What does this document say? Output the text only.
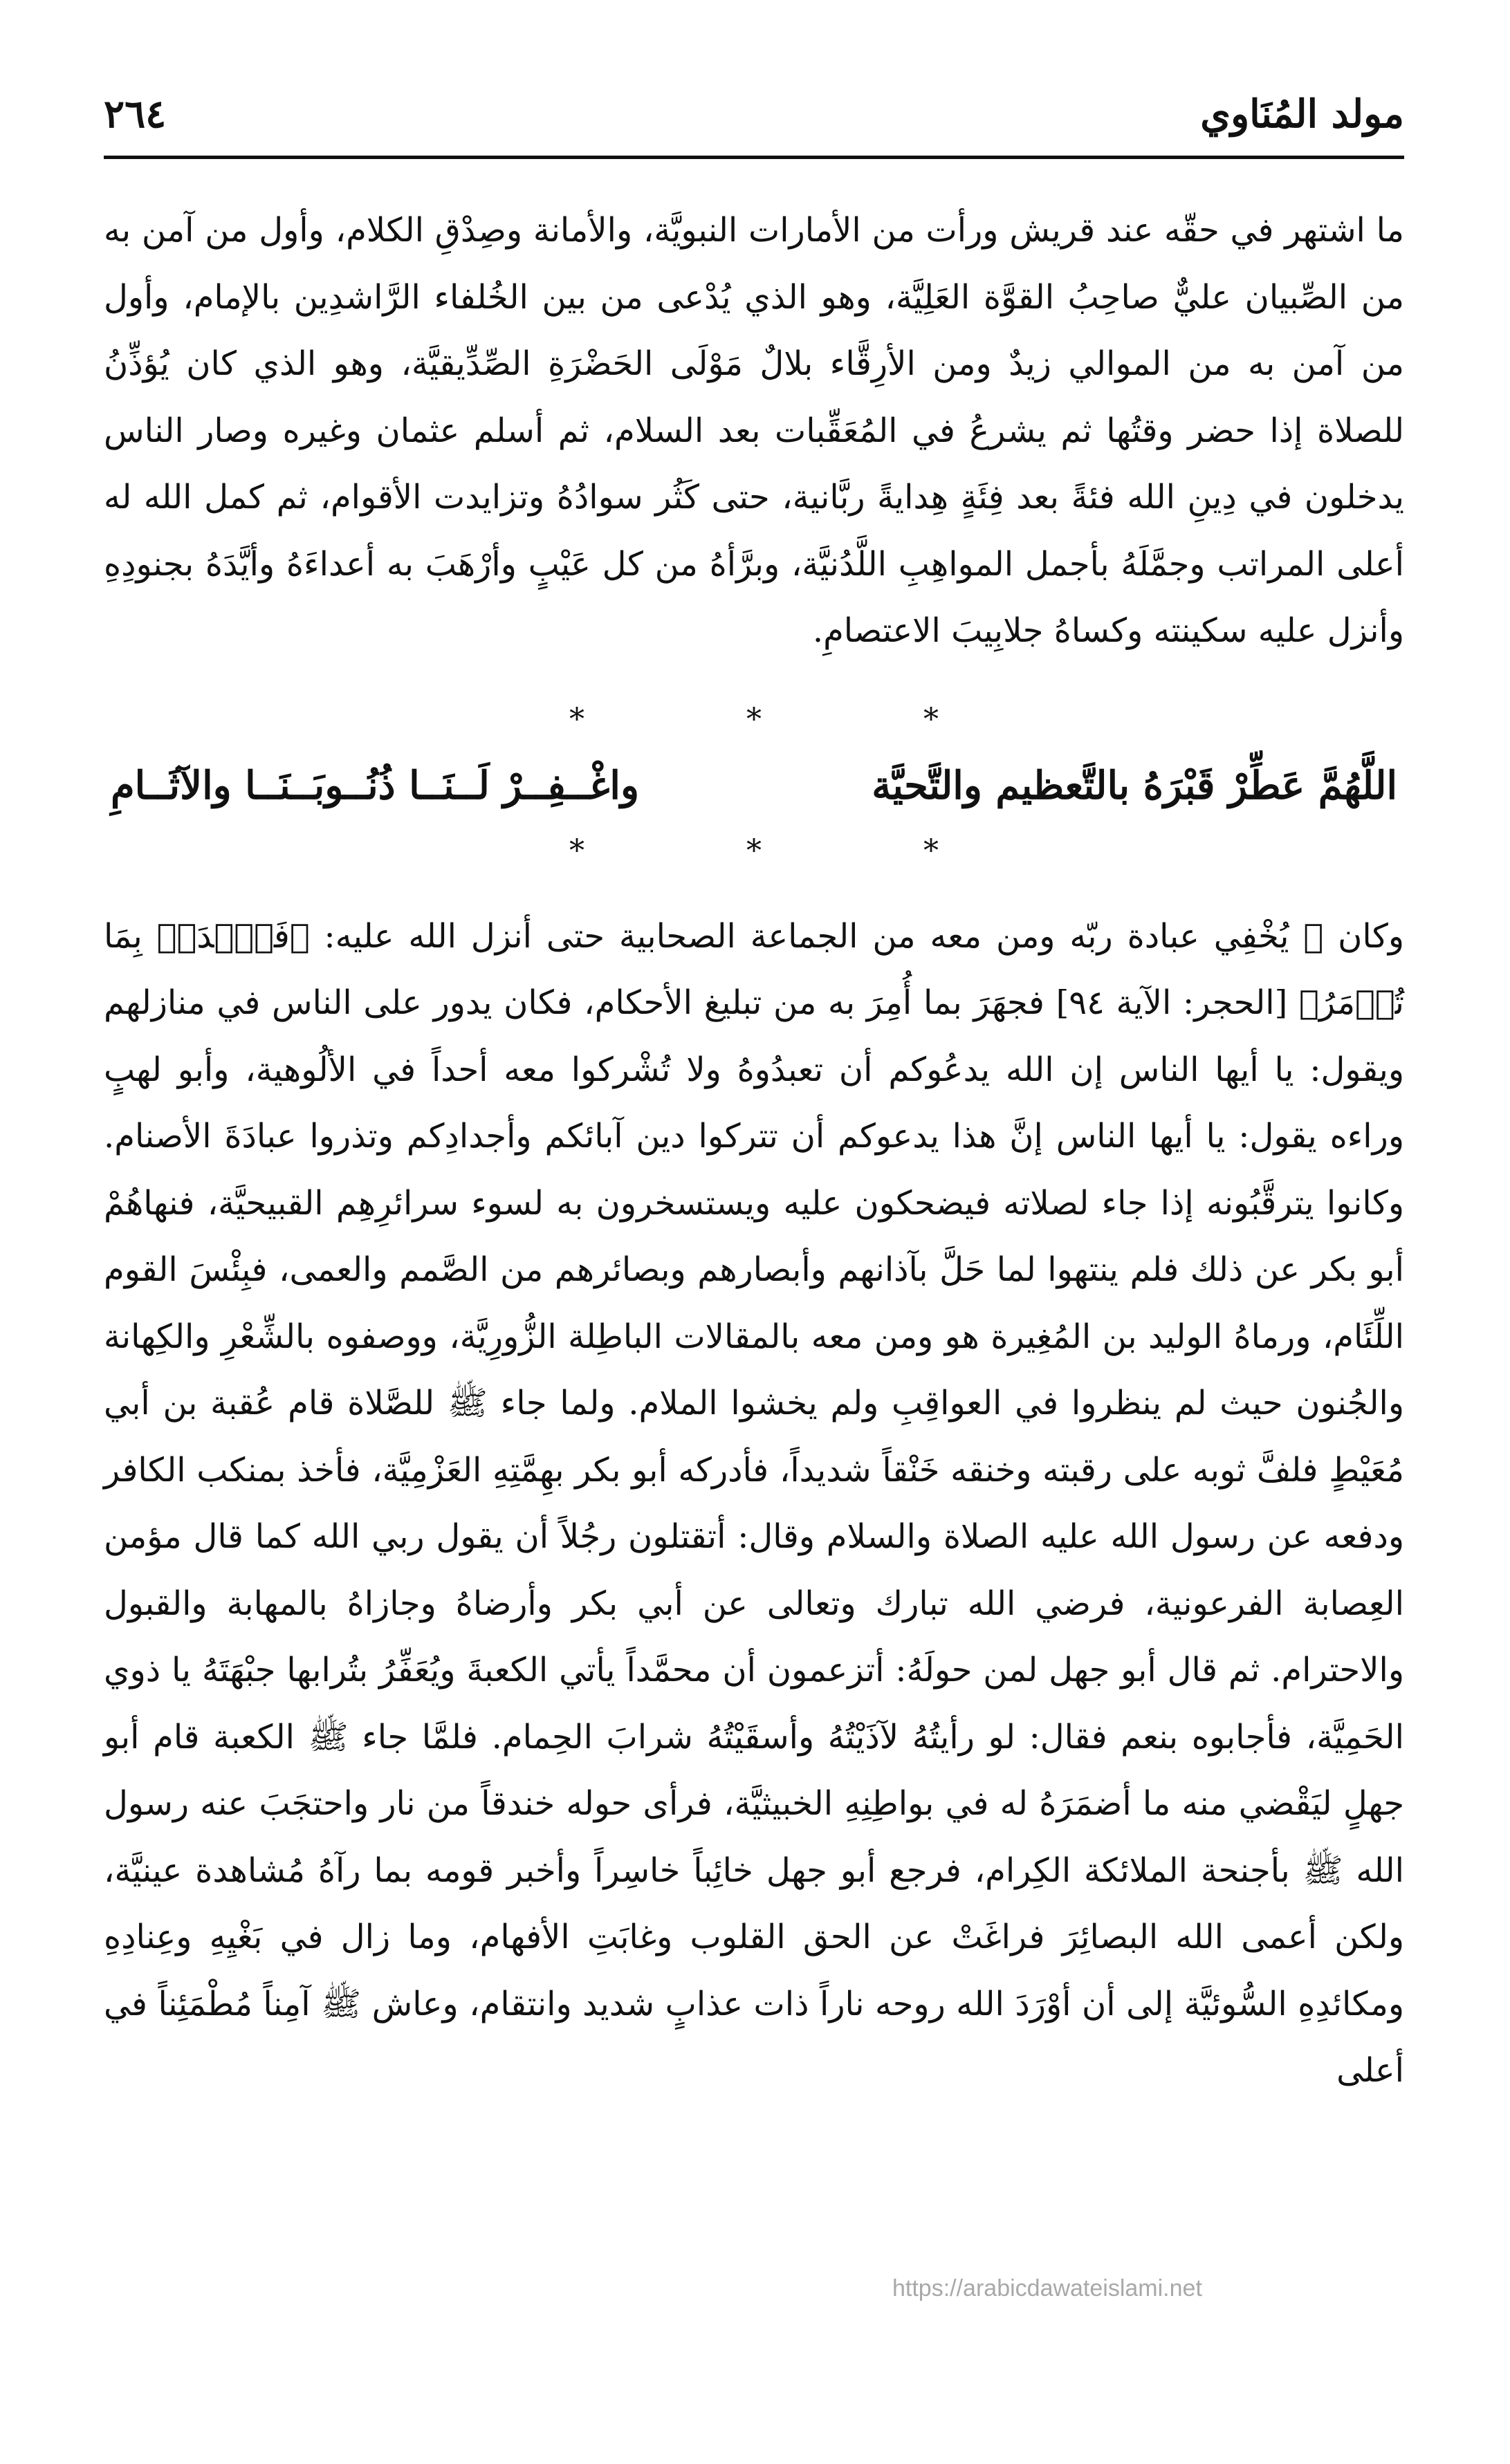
مولد المُنَاوي
٢٦٤

ما اشتهر في حقّه عند قريش ورأت من الأمارات النبويَّة، والأمانة وصِدْقِ الكلام، وأول من آمن به من الصِّبيان عليٌّ صاحِبُ القوَّة العَلِيَّة، وهو الذي يُدْعى من بين الخُلفاء الرَّاشدِين بالإمام، وأول من آمن به من الموالي زيدٌ ومن الأرِقَّاء بلالٌ مَوْلَى الحَضْرَةِ الصِّدِّيقيَّة، وهو الذي كان يُؤذِّنُ للصلاة إذا حضر وقتُها ثم يشرعُ في المُعَقِّبات بعد السلام، ثم أسلم عثمان وغيره وصار الناس يدخلون في دِينِ الله فئةً بعد فِئَةٍ هِدايةً ربَّانية، حتى كَثُر سوادُهُ وتزايدت الأقوام، ثم كمل الله له أعلى المراتب وجمَّلَهُ بأجمل المواهِبِ اللَّدُنيَّة، وبرَّأهُ من كل عَيْبٍ وأرْهَبَ به أعداءَهُ وأيَّدَهُ بجنودِهِ وأنزل عليه سكينته وكساهُ جلابِيبَ الاعتصامِ.

* * *
اللَّهُمَّ عَطِّرْ قَبْرَهُ بالتَّعظيم والتَّحيَّة
واغْــفِــرْ لَــنَــا ذُنُــوبَــنَــا والآثَــامِ
* * *

وكان ﷺ يُخْفِي عبادة ربّه ومن معه من الجماعة الصحابية حتى أنزل الله عليه: ﴿فَٱصۡدَعۡ بِمَا تُؤۡمَرُ﴾ [الحجر: الآية ٩٤] فجهَرَ بما أُمِرَ به من تبليغ الأحكام، فكان يدور على الناس في منازلهم ويقول: يا أيها الناس إن الله يدعُوكم أن تعبدُوهُ ولا تُشْركوا معه أحداً في الألُوهية، وأبو لهبٍ وراءه يقول: يا أيها الناس إنَّ هذا يدعوكم أن تتركوا دين آبائكم وأجدادِكم وتذروا عبادَةَ الأصنام. وكانوا يترقَّبُونه إذا جاء لصلاته فيضحكون عليه ويستسخرون به لسوء سرائرِهِم القبيحيَّة، فنهاهُمْ أبو بكر عن ذلك فلم ينتهوا لما حَلَّ بآذانهم وأبصارهم وبصائرهم من الصَّمم والعمى، فبِئْسَ القوم اللِّئَام، ورماهُ الوليد بن المُغِيرة هو ومن معه بالمقالات الباطِلة الزُّورِيَّة، ووصفوه بالشِّعْرِ والكِهانة والجُنون حيث لم ينظروا في العواقِبِ ولم يخشوا الملام. ولما جاء ﷺ للصَّلاة قام عُقبة بن أبي مُعَيْطٍ فلفَّ ثوبه على رقبته وخنقه خَنْقاً شديداً، فأدركه أبو بكر بهِمَّتِهِ العَزْمِيَّة، فأخذ بمنكب الكافر ودفعه عن رسول الله عليه الصلاة والسلام وقال: أتقتلون رجُلاً أن يقول ربي الله كما قال مؤمن العِصابة الفرعونية، فرضي الله تبارك وتعالى عن أبي بكر وأرضاهُ وجازاهُ بالمهابة والقبول والاحترام. ثم قال أبو جهل لمن حولَهُ: أتزعمون أن محمَّداً يأتي الكعبةَ ويُعَفِّرُ بتُرابها جبْهَتَهُ يا ذوي الحَمِيَّة، فأجابوه بنعم فقال: لو رأيتُهُ لآذَيْتُهُ وأسقَيْتُهُ شرابَ الحِمام. فلمَّا جاء ﷺ الكعبة قام أبو جهلٍ ليَقْضي منه ما أضمَرَهُ له في بواطِنِهِ الخبيثيَّة، فرأى حوله خندقاً من نار واحتجَبَ عنه رسول الله ﷺ بأجنحة الملائكة الكِرام، فرجع أبو جهل خائِباً خاسِراً وأخبر قومه بما رآهُ مُشاهدة عينيَّة، ولكن أعمى الله البصائِرَ فراغَتْ عن الحق القلوب وغابَتِ الأفهام، وما زال في بَغْيِهِ وعِنادِهِ ومكائدِهِ السُّوئيَّة إلى أن أوْرَدَ الله روحه ناراً ذات عذابٍ شديد وانتقام، وعاش ﷺ آمِناً مُطْمَئِناً في أعلى

https://arabicdawateislami.net
